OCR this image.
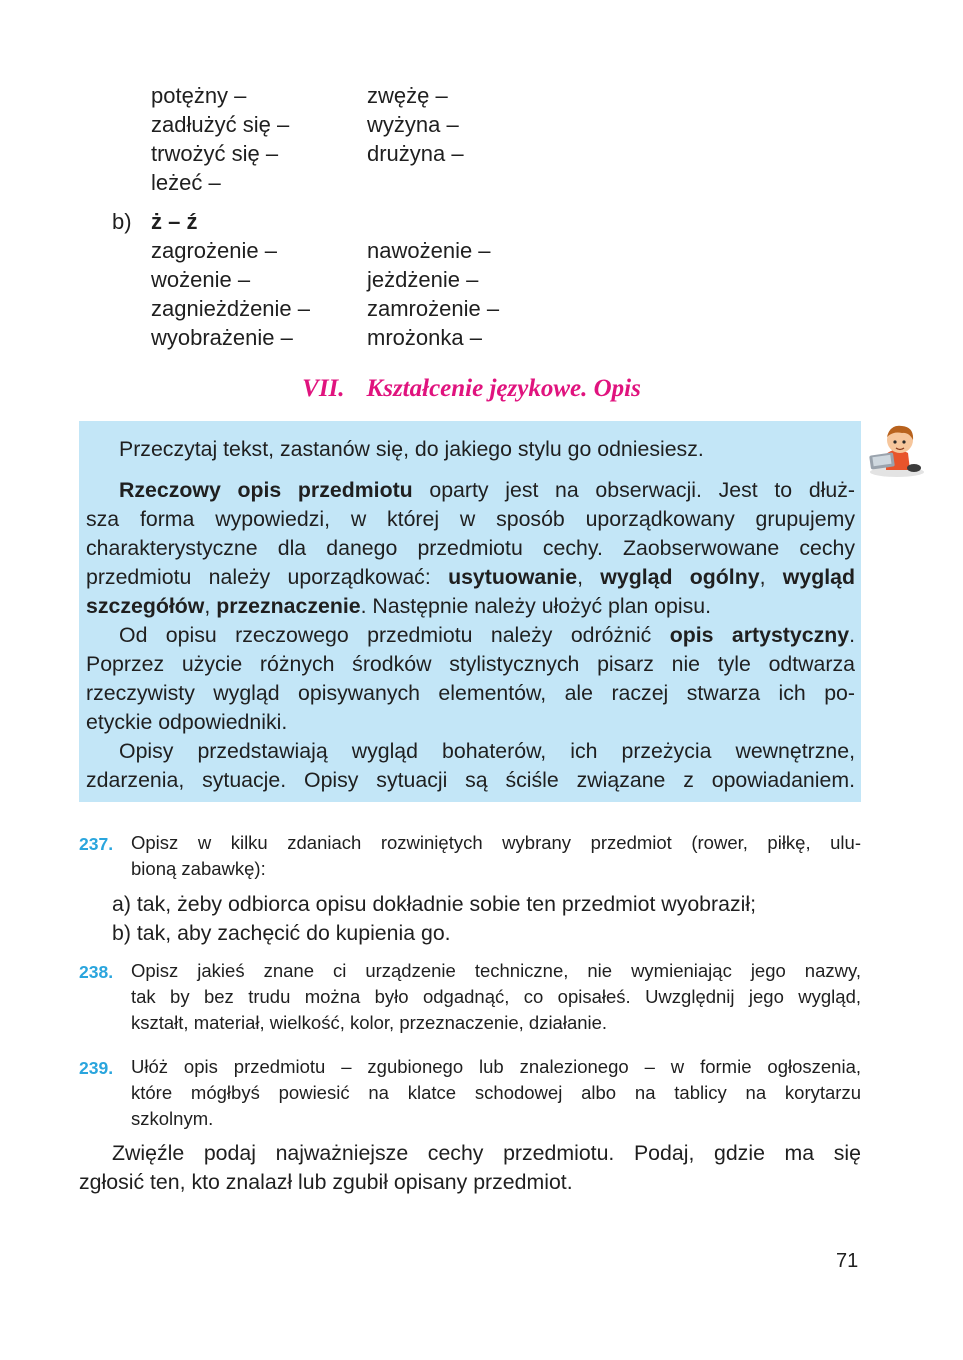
potężny –
zadłużyć się –
trwożyć się –
leżeć –
zwężę –
wyżyna –
drużyna –
b) ż – ź
zagrożenie –
wożenie –
zagnieżdżenie –
wyobrażenie –
nawożenie –
jeżdżenie –
zamrożenie –
mrożonka –
VII. Kształcenie językowe. Opis
Przeczytaj tekst, zastanów się, do jakiego stylu go odniesiesz.
Rzeczowy opis przedmiotu oparty jest na obserwacji. Jest to dłuż-
sza forma wypowiedzi, w której w sposób uporządkowany grupujemy
charakterystyczne dla danego przedmiotu cechy. Zaobserwowane cechy
przedmiotu należy uporządkować: usytuowanie, wygląd ogólny, wygląd
szczegółów, przeznaczenie. Następnie należy ułożyć plan opisu.
Od opisu rzeczowego przedmiotu należy odróżnić opis artystyczny.
Poprzez użycie różnych środków stylistycznych pisarz nie tyle odtwarza
rzeczywisty wygląd opisywanych elementów, ale raczej stwarza ich po-
etyckie odpowiedniki.
Opisy przedstawiają wygląd bohaterów, ich przeżycia wewnętrzne,
zdarzenia, sytuacje. Opisy sytuacji są ściśle związane z opowiadaniem.
237. Opisz w kilku zdaniach rozwiniętych wybrany przedmiot (rower, piłkę, ulu-
bioną zabawkę):
a) tak, żeby odbiorca opisu dokładnie sobie ten przedmiot wyobraził;
b) tak, aby zachęcić do kupienia go.
238. Opisz jakieś znane ci urządzenie techniczne, nie wymieniając jego nazwy,
tak by bez trudu można było odgadnąć, co opisałeś. Uwzględnij jego wygląd,
kształt, materiał, wielkość, kolor, przeznaczenie, działanie.
239. Ułóż opis przedmiotu – zgubionego lub znalezionego – w formie ogłoszenia,
które mógłbyś powiesić na klatce schodowej albo na tablicy na korytarzu
szkolnym.
Zwięźle podaj najważniejsze cechy przedmiotu. Podaj, gdzie ma się
zgłosić ten, kto znalazł lub zgubił opisany przedmiot.
71
